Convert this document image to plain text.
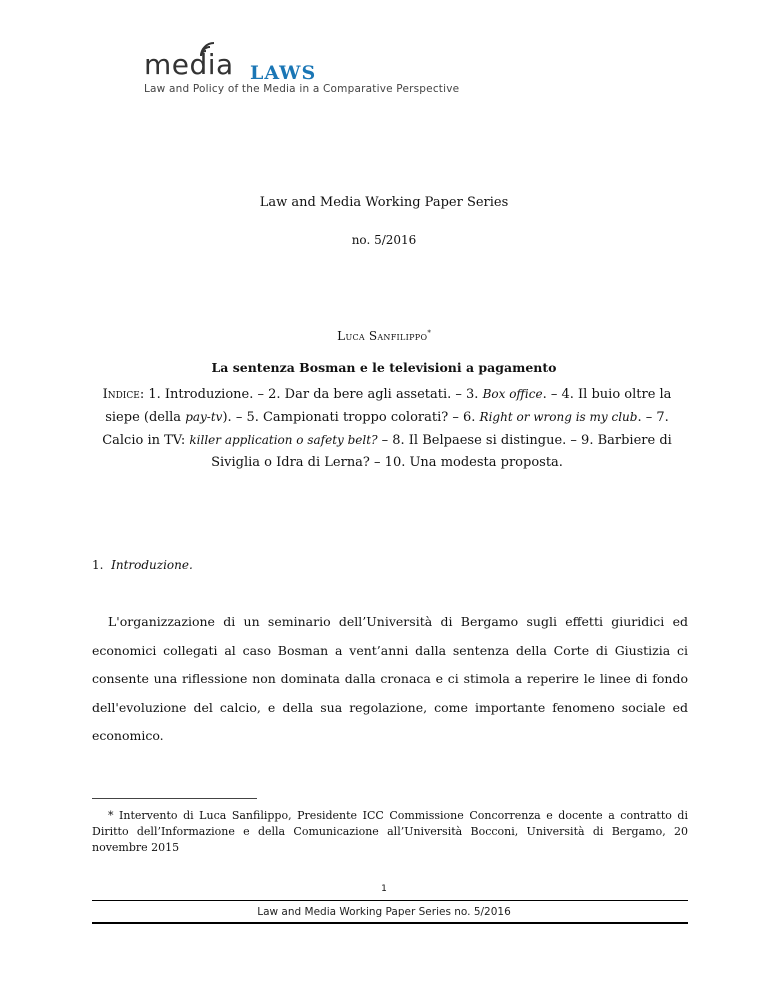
media LAWS
Law and Policy of the Media in a Comparative Perspective
Law and Media Working Paper Series
no. 5/2016
Luca Sanfilippo*
La sentenza Bosman e le televisioni a pagamento
Indice: 1. Introduzione. – 2. Dar da bere agli assetati. – 3. Box office. – 4. Il buio oltre la siepe (della pay-tv). – 5. Campionati troppo colorati? – 6. Right or wrong is my club. – 7. Calcio in TV: killer application o safety belt? – 8. Il Belpaese si distingue. – 9. Barbiere di Siviglia o Idra di Lerna? – 10. Una modesta proposta.
1. Introduzione.
L'organizzazione di un seminario dell’Università di Bergamo sugli effetti giuridici ed economici collegati al caso Bosman a vent’anni dalla sentenza della Corte di Giustizia ci consente una riflessione non dominata dalla cronaca e ci stimola a reperire le linee di fondo dell'evoluzione del calcio, e della sua regolazione, come importante fenomeno sociale ed economico.
* Intervento di Luca Sanfilippo, Presidente ICC Commissione Concorrenza e docente a contratto di Diritto dell’Informazione e della Comunicazione all’Università Bocconi, Università di Bergamo, 20 novembre 2015
1
Law and Media Working Paper Series no. 5/2016
